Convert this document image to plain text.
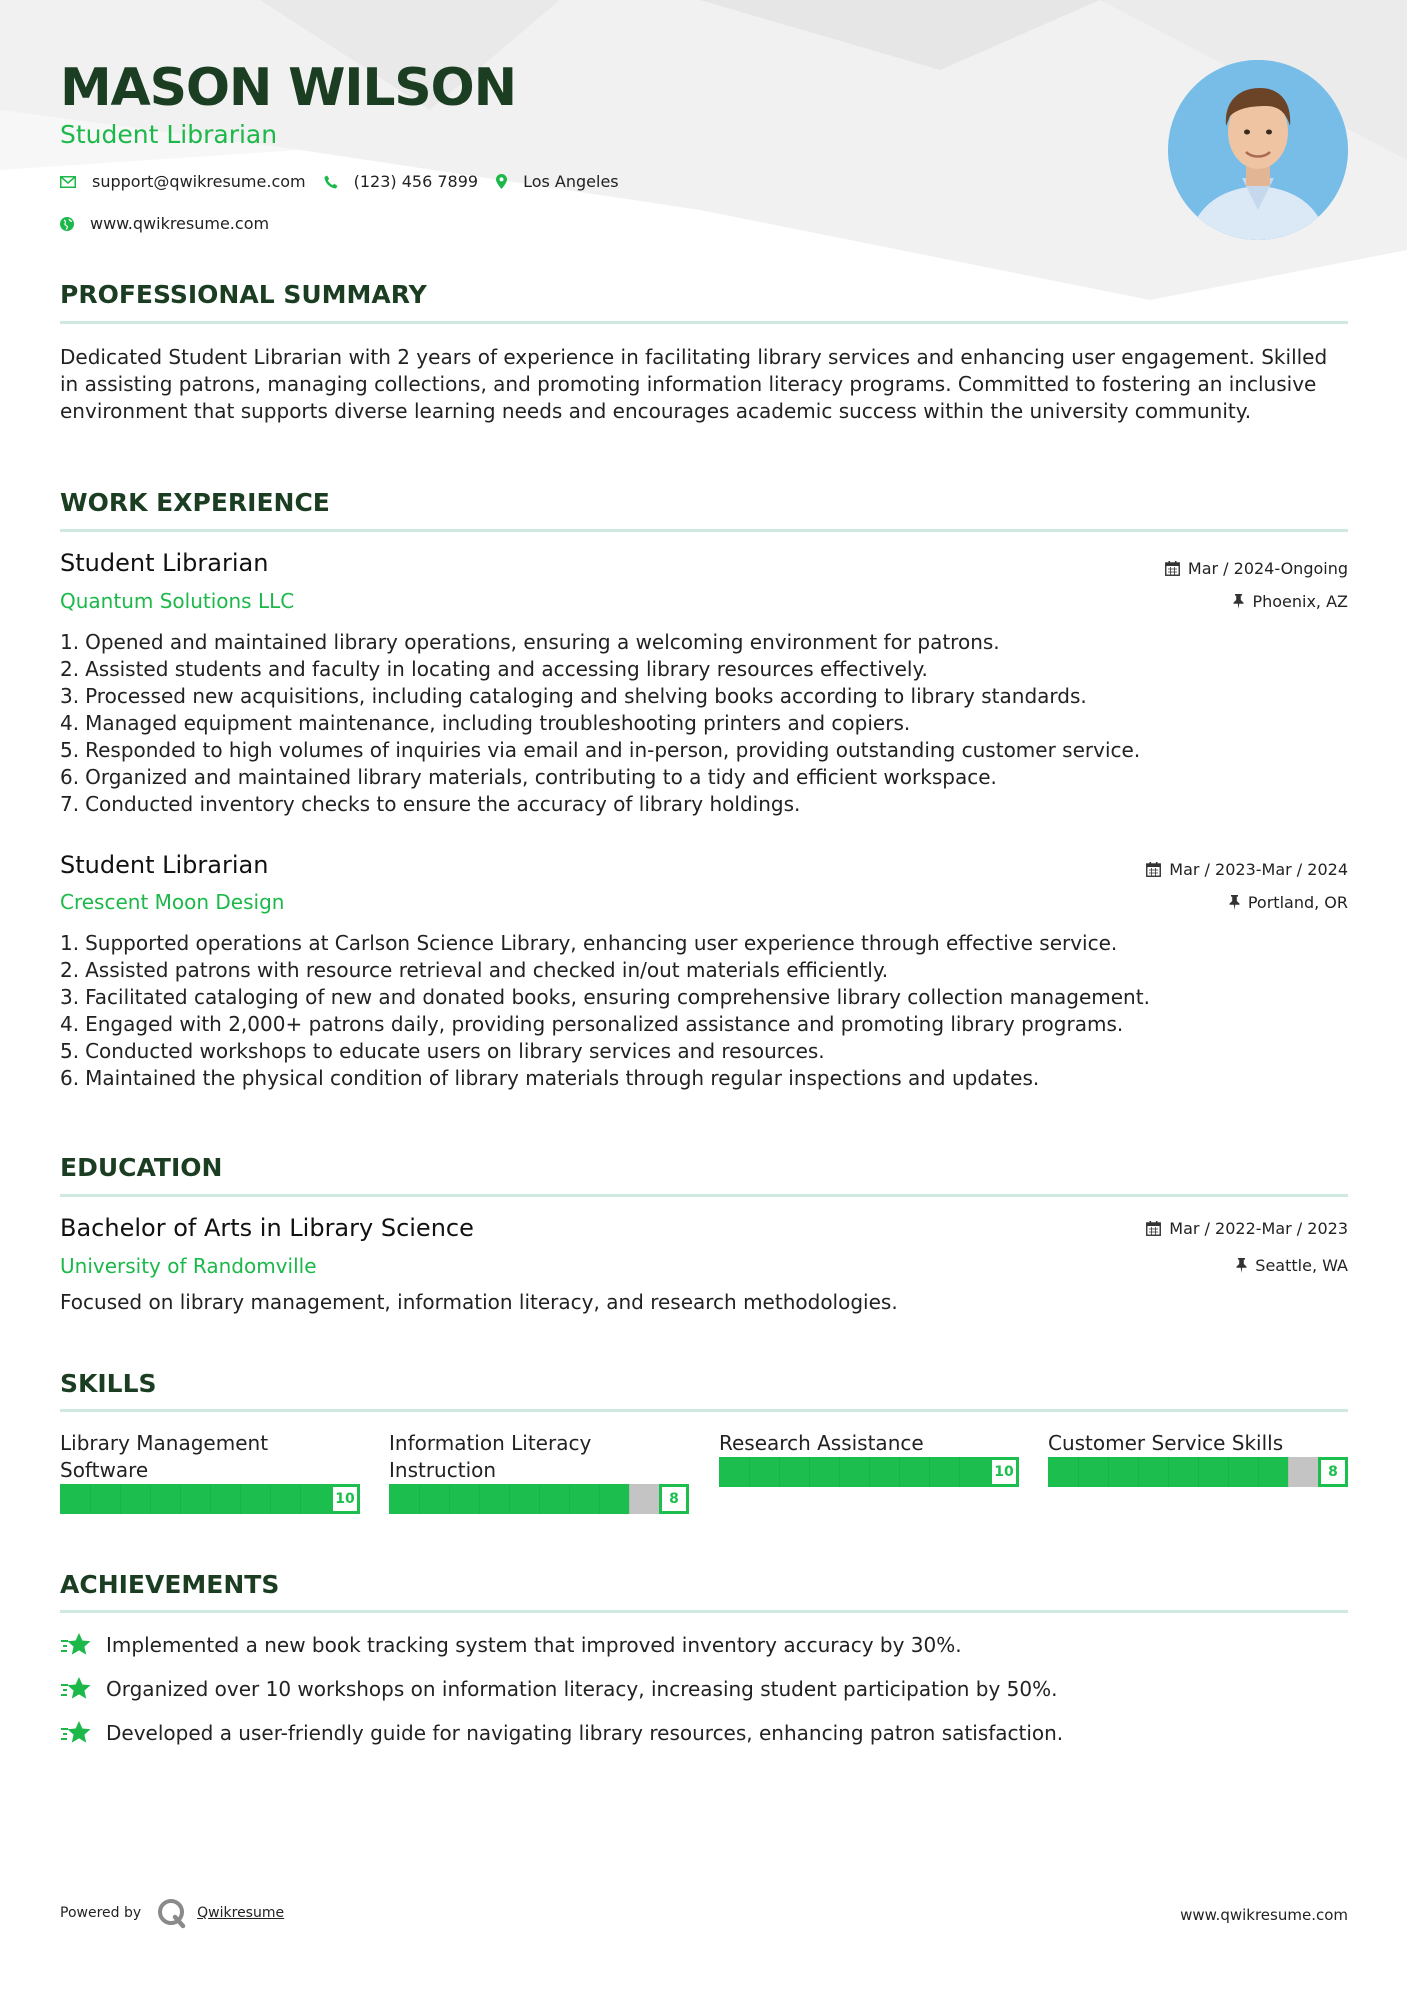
MASON WILSON
Student Librarian
support@qwikresume.com	(123) 456 7899	Los Angeles
www.qwikresume.com
PROFESSIONAL SUMMARY
Dedicated Student Librarian with 2 years of experience in facilitating library services and enhancing user engagement. Skilled in assisting patrons, managing collections, and promoting information literacy programs. Committed to fostering an inclusive environment that supports diverse learning needs and encourages academic success within the university community.
WORK EXPERIENCE
Student Librarian	Mar / 2024-Ongoing
Quantum Solutions LLC	Phoenix, AZ
1. Opened and maintained library operations, ensuring a welcoming environment for patrons.
2. Assisted students and faculty in locating and accessing library resources effectively.
3. Processed new acquisitions, including cataloging and shelving books according to library standards.
4. Managed equipment maintenance, including troubleshooting printers and copiers.
5. Responded to high volumes of inquiries via email and in-person, providing outstanding customer service.
6. Organized and maintained library materials, contributing to a tidy and efficient workspace.
7. Conducted inventory checks to ensure the accuracy of library holdings.
Student Librarian	Mar / 2023-Mar / 2024
Crescent Moon Design	Portland, OR
1. Supported operations at Carlson Science Library, enhancing user experience through effective service.
2. Assisted patrons with resource retrieval and checked in/out materials efficiently.
3. Facilitated cataloging of new and donated books, ensuring comprehensive library collection management.
4. Engaged with 2,000+ patrons daily, providing personalized assistance and promoting library programs.
5. Conducted workshops to educate users on library services and resources.
6. Maintained the physical condition of library materials through regular inspections and updates.
EDUCATION
Bachelor of Arts in Library Science	Mar / 2022-Mar / 2023
University of Randomville	Seattle, WA
Focused on library management, information literacy, and research methodologies.
SKILLS
Library Management
Software
10
Information Literacy
Instruction
8
Research Assistance
10
Customer Service Skills
8
ACHIEVEMENTS
Implemented a new book tracking system that improved inventory accuracy by 30%.
Organized over 10 workshops on information literacy, increasing student participation by 50%.
Developed a user-friendly guide for navigating library resources, enhancing patron satisfaction.
Powered by	Qwikresume	www.qwikresume.com
